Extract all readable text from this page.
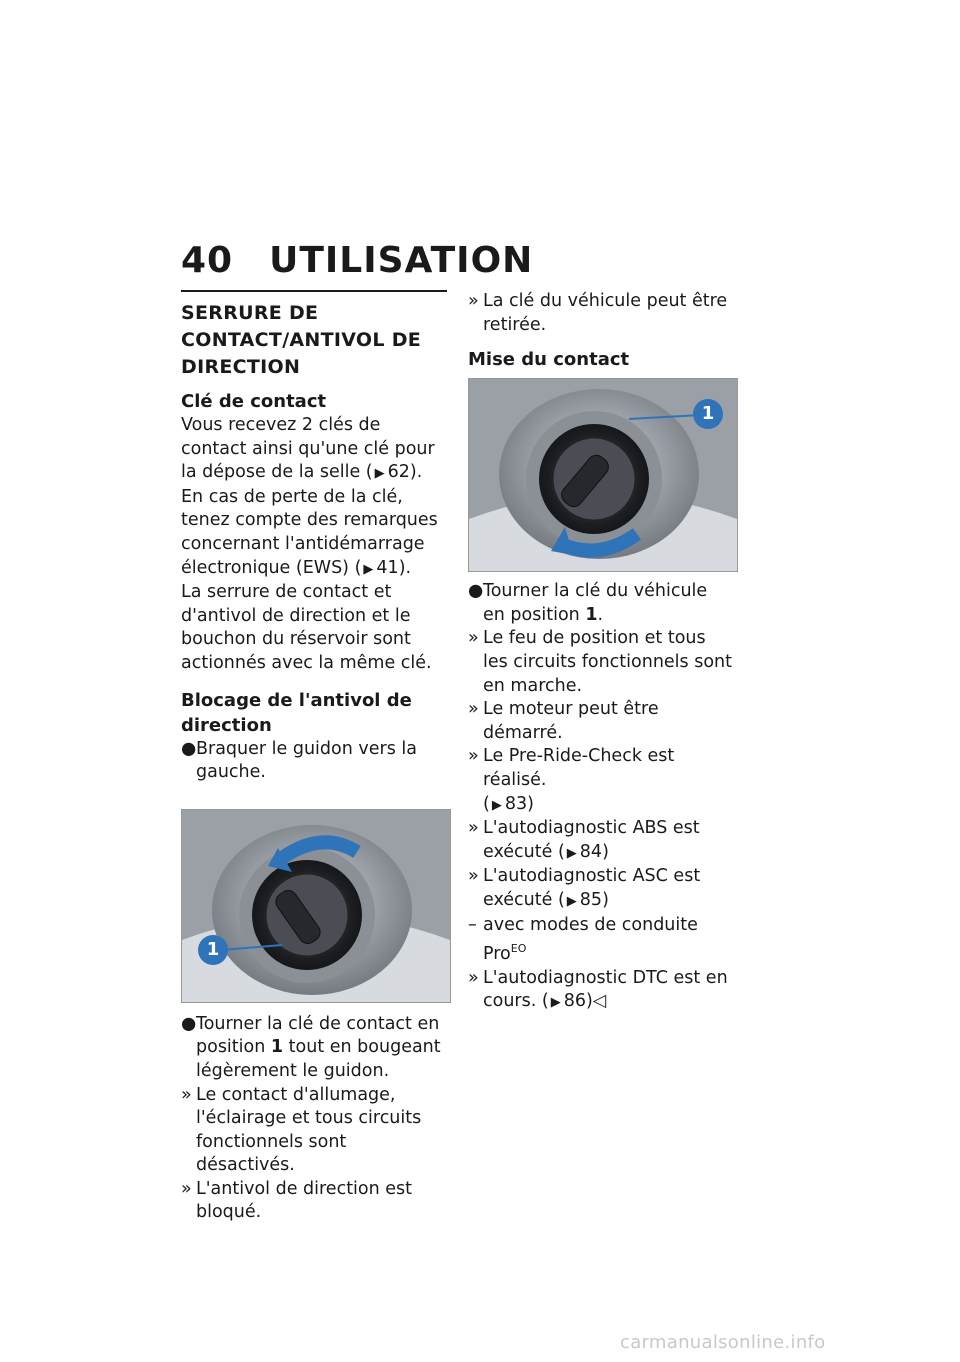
40 UTILISATION
SERRURE DE CONTACT/ANTIVOL DE DIRECTION
Clé de contact

Vous recevez 2 clés de contact ainsi qu'une clé pour la dépose de la selle ( ▶ 62).

En cas de perte de la clé, tenez compte des remarques concernant l'antidémarrage électronique (EWS) ( ▶ 41).

La serrure de contact et d'antivol de direction et le bouchon du réservoir sont actionnés avec la même clé.

Blocage de l'antivol de direction

● Braquer le guidon vers la gauche.

1

● Tourner la clé de contact en position 1 tout en bougeant légèrement le guidon.

» Le contact d'allumage, l'éclairage et tous circuits fonctionnels sont désactivés.

» L'antivol de direction est bloqué.

» La clé du véhicule peut être retirée.

Mise du contact
1

● Tourner la clé du véhicule en position 1.

» Le feu de position et tous les circuits fonctionnels sont en marche.

» Le moteur peut être démarré.

» Le Pre-Ride-Check est réalisé.
( ▶ 83)

» L'autodiagnostic ABS est exécuté ( ▶ 84)

» L'autodiagnostic ASC est exécuté ( ▶ 85)

– avec modes de conduite Pro$^{EO}$

» L'autodiagnostic DTC est en cours. ( ▶ 86)◁

carmanualsonline.info
